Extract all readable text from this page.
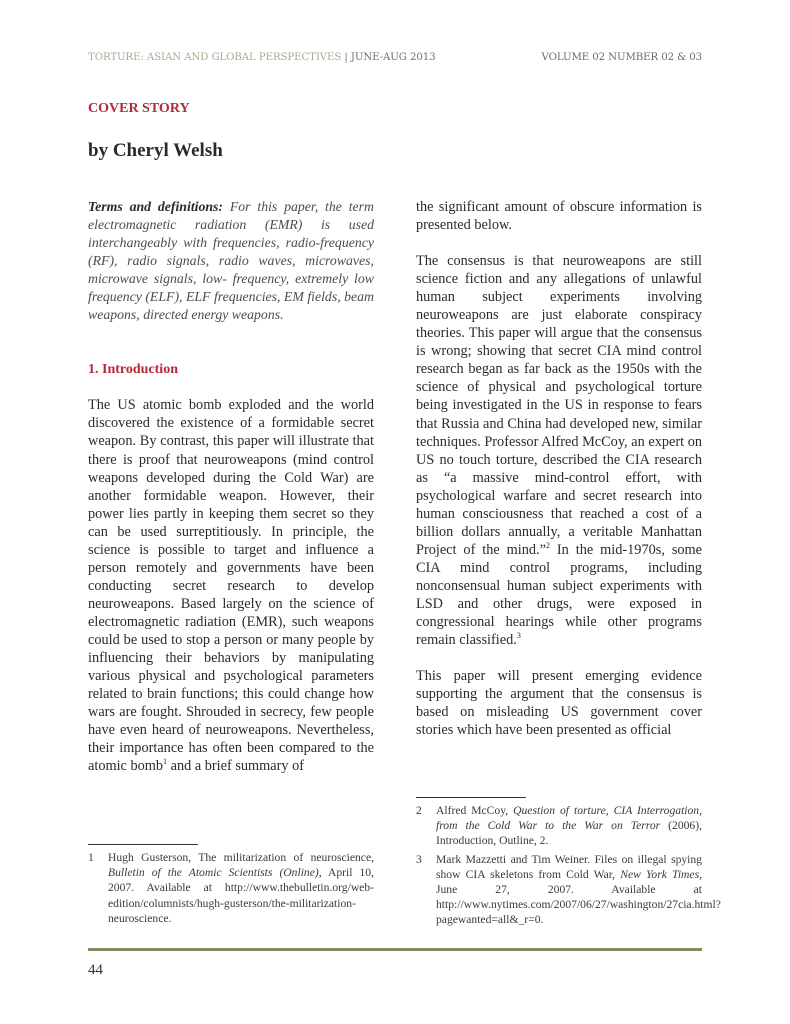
TORTURE: ASIAN AND GLOBAL PERSPECTIVES | JUNE-AUG 2013	VOLUME 02 NUMBER 02 & 03
COVER STORY
by Cheryl Welsh

Terms and definitions: For this paper, the term electromagnetic radiation (EMR) is used interchangeably with frequencies, radio-frequency (RF), radio signals, radio waves, microwaves, microwave signals, low- frequency, extremely low frequency (ELF), ELF frequencies, EM fields, beam weapons, directed energy weapons.

1. Introduction

The US atomic bomb exploded and the world discovered the existence of a formidable secret weapon. By contrast, this paper will illustrate that there is proof that neuroweapons (mind control weapons developed during the Cold War) are another formidable weapon. However, their power lies partly in keeping them secret so they can be used surreptitiously. In principle, the science is possible to target and influence a person remotely and governments have been conducting secret research to develop neuroweapons. Based largely on the science of electromagnetic radiation (EMR), such weapons could be used to stop a person or many people by influencing their behaviors by manipulating various physical and psychological parameters related to brain functions; this could change how wars are fought. Shrouded in secrecy, few people have even heard of neuroweapons. Nevertheless, their importance has often been compared to the atomic bomb$^1$ and a brief summary of

1 Hugh Gusterson, The militarization of neuroscience, Bulletin of the Atomic Scientists (Online), April 10, 2007. Available at http://www.thebulletin.org/web-edition/columnists/hugh-gusterson/the-militarization-neuroscience.

the significant amount of obscure information is presented below.

The consensus is that neuroweapons are still science fiction and any allegations of unlawful human subject experiments involving neuroweapons are just elaborate conspiracy theories. This paper will argue that the consensus is wrong; showing that secret CIA mind control research began as far back as the 1950s with the science of physical and psychological torture being investigated in the US in response to fears that Russia and China had developed new, similar techniques. Professor Alfred McCoy, an expert on US no touch torture, described the CIA research as “a massive mind-control effort, with psychological warfare and secret research into human consciousness that reached a cost of a billion dollars annually, a veritable Manhattan Project of the mind.”$^2$ In the mid-1970s, some CIA mind control programs, including nonconsensual human subject experiments with LSD and other drugs, were exposed in congressional hearings while other programs remain classified.$^3$

This paper will present emerging evidence supporting the argument that the consensus is based on misleading US government cover stories which have been presented as official

2 Alfred McCoy, Question of torture, CIA Interrogation, from the Cold War to the War on Terror (2006), Introduction, Outline, 2.
3 Mark Mazzetti and Tim Weiner. Files on illegal spying show CIA skeletons from Cold War, New York Times, June 27, 2007. Available at http://www.nytimes.com/2007/06/27/washington/27cia.html?pagewanted=all&_r=0.
44
